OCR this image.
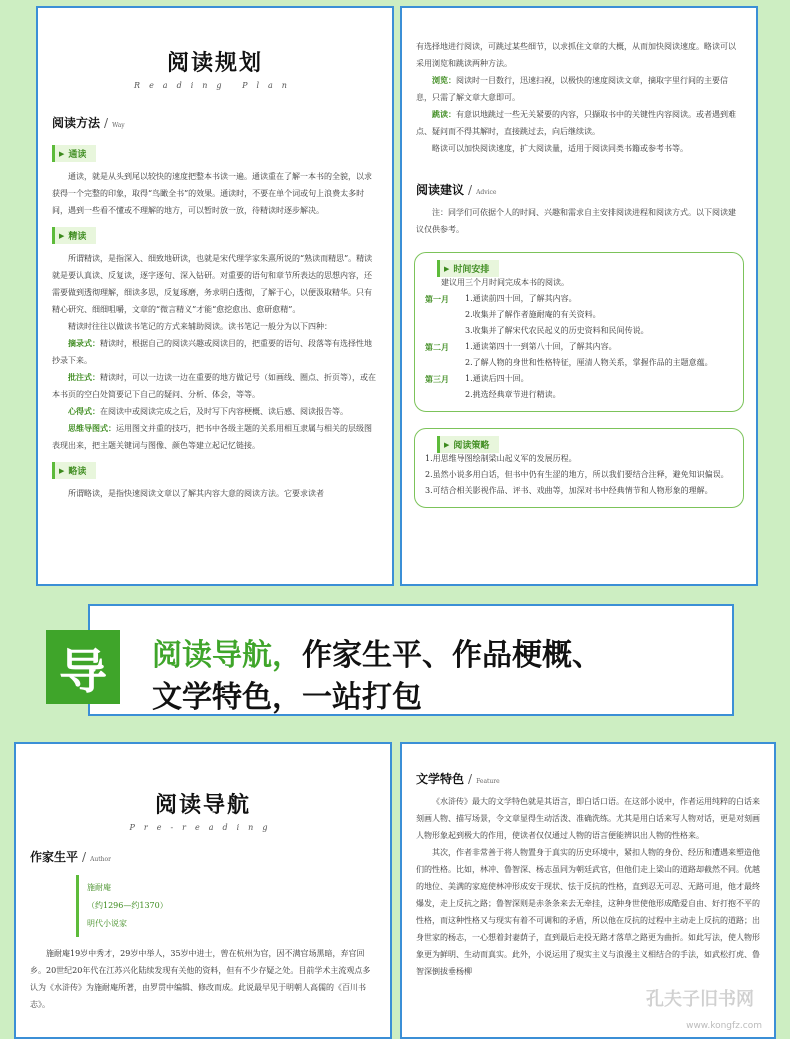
阅读规划
Reading Plan
阅读方法 / Way
▶ 通读

通读，就是从头到尾以较快的速度把整本书读一遍。通读重在了解一本书的全貌，以求获得一个完整的印象，取得“鸟瞰全书”的效果。通读时，不要在单个词或句上浪费太多时间，遇到一些看不懂或不理解的地方，可以暂时放一放，待精读时逐步解决。

▶ 精读

所谓精读，是指深入、细致地研读，也就是宋代理学家朱熹所说的“熟读而精思”。精读就是要认真读、反复读，逐字逐句、深入钻研。对重要的语句和章节所表达的思想内容，还需要做到透彻理解，细读多思，反复琢磨，务求明白透彻，了解于心，以便汲取精华。只有精心研究、细细咀嚼，文章的“微言精义”才能“愈挖愈出、愈研愈精”。

精读时往往以做读书笔记的方式来辅助阅读。读书笔记一般分为以下四种：

摘录式：精读时，根据自己的阅读兴趣或阅读目的，把重要的语句、段落等有选择性地抄录下来。

批注式：精读时，可以一边读一边在重要的地方做记号（如画线、圈点、折页等），或在本书页的空白处简要记下自己的疑问、分析、体会，等等。

心得式：在阅读中或阅读完成之后，及时写下内容梗概、读后感、阅读报告等。

思维导图式：运用图文并重的技巧，把书中各级主题的关系用相互隶属与相关的层级图表现出来，把主题关键词与图像、颜色等建立起记忆链接。

▶ 略读

所谓略读，是指快速阅读文章以了解其内容大意的阅读方法。它要求读者

有选择地进行阅读，可跳过某些细节，以求抓住文章的大概，从而加快阅读速度。略读可以采用浏览和跳读两种方法。

浏览：阅读时一目数行，迅速扫视，以极快的速度阅读文章，摘取字里行间的主要信息，只需了解文章大意即可。

跳读：有意识地跳过一些无关紧要的内容，只撷取书中的关键性内容阅读。或者遇到难点、疑问而不得其解时，直接跳过去，向后继续读。

略读可以加快阅读速度，扩大阅读量，适用于阅读同类书籍或参考书等。

阅读建议 / Advice

注：同学们可依据个人的时间、兴趣和需求自主安排阅读进程和阅读方式。以下阅读建议仅供参考。

▶ 时间安排
建议用三个月时间完成本书的阅读。
第一月	1.通读前四十回，了解其内容。
2.收集并了解作者施耐庵的有关资料。
3.收集并了解宋代农民起义的历史资料和民间传说。
第二月	1.通读第四十一到第八十回，了解其内容。
2.了解人物的身世和性格特征，厘清人物关系，掌握作品的主题意蕴。
第三月	1.通读后四十回。
2.挑选经典章节进行精读。
▶ 阅读策略
1.用思维导图绘制梁山起义军的发展历程。
2.虽然小说多用白话，但书中仍有生涩的地方，所以我们要结合注释，避免知识偏误。
3.可结合相关影视作品、评书、戏曲等，加深对书中经典情节和人物形象的理解。
导	阅读导航，作家生平、作品梗概、
文学特色，一站打包
阅读导航
Pre-reading
作家生平 / Author
施耐庵
（约1296—约1370）
明代小说家

施耐庵19岁中秀才，29岁中举人，35岁中进士，曾在杭州为官，因不满官场黑暗，弃官回乡。20世纪20年代在江苏兴化陆续发现有关他的资料，但有不少存疑之处。目前学术主流观点多认为《水浒传》为施耐庵所著，由罗贯中编辑、修改而成。此说最早见于明朝人高儒的《百川书志》。

文学特色 / Feature

《水浒传》最大的文学特色就是其语言，即白话口语。在这部小说中，作者运用纯粹的白话来刻画人物、描写场景，令文章显得生动活泼、准确洗练。尤其是用白话来写人物对话，更是对刻画人物形象起到极大的作用，使读者仅仅通过人物的语言便能辨识出人物的性格来。

其次，作者非常善于将人物置身于真实的历史环境中，紧扣人物的身份、经历和遭遇来塑造他们的性格。比如，林冲、鲁智深、杨志虽同为朝廷武官，但他们走上梁山的道路却截然不同。优越的地位、美满的家庭使林冲形成安于现状、怯于反抗的性格，直到忍无可忍、无路可退，他才最终爆发，走上反抗之路；鲁智深则是赤条条来去无牵挂，这种身世使他形成酷爱自由、好打抱不平的性格，而这种性格又与现实有着不可调和的矛盾，所以他在反抗的过程中主动走上反抗的道路；出身世家的杨志，一心想着封妻荫子，直到最后走投无路才落草之路更为曲折。如此写法，使人物形象更为鲜明、生动而真实。此外，小说运用了現实主义与浪漫主义相结合的手法，如武松打虎、鲁智深倒拔垂杨柳

孔夫子旧书网
www.kongfz.com
